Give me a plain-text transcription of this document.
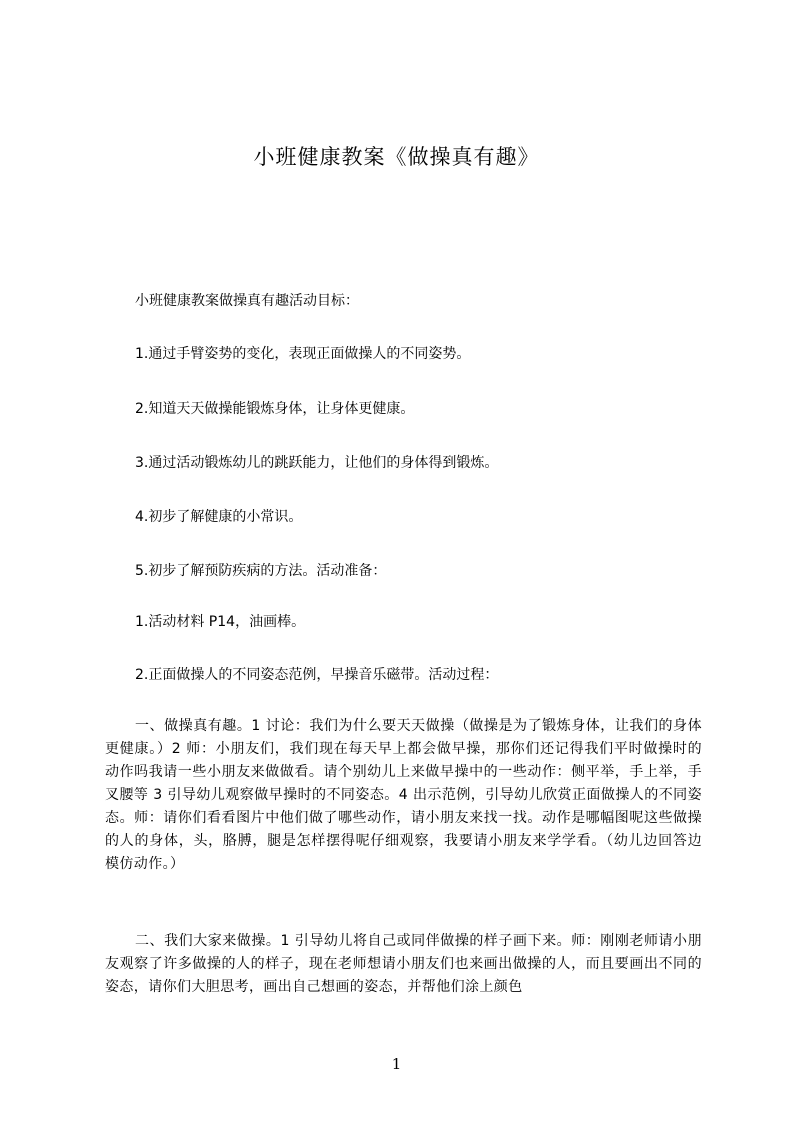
小班健康教案《做操真有趣》
小班健康教案做操真有趣活动目标：
1.通过手臂姿势的变化，表现正面做操人的不同姿势。
2.知道天天做操能锻炼身体，让身体更健康。
3.通过活动锻炼幼儿的跳跃能力，让他们的身体得到锻炼。
4.初步了解健康的小常识。
5.初步了解预防疾病的方法。活动准备：
1.活动材料 P14，油画棒。
2.正面做操人的不同姿态范例，早操音乐磁带。活动过程：
一、做操真有趣。1 讨论：我们为什么要天天做操（做操是为了锻炼身体，让我们的身体更健康。）2 师：小朋友们，我们现在每天早上都会做早操，那你们还记得我们平时做操时的动作吗我请一些小朋友来做做看。请个别幼儿上来做早操中的一些动作：侧平举，手上举，手叉腰等 3 引导幼儿观察做早操时的不同姿态。4 出示范例，引导幼儿欣赏正面做操人的不同姿态。师：请你们看看图片中他们做了哪些动作，请小朋友来找一找。动作是哪幅图呢这些做操的人的身体，头，胳膊，腿是怎样摆得呢仔细观察，我要请小朋友来学学看。（幼儿边回答边模仿动作。）
二、我们大家来做操。1 引导幼儿将自己或同伴做操的样子画下来。师：刚刚老师请小朋友观察了许多做操的人的样子，现在老师想请小朋友们也来画出做操的人，而且要画出不同的姿态，请你们大胆思考，画出自己想画的姿态，并帮他们涂上颜色
1
